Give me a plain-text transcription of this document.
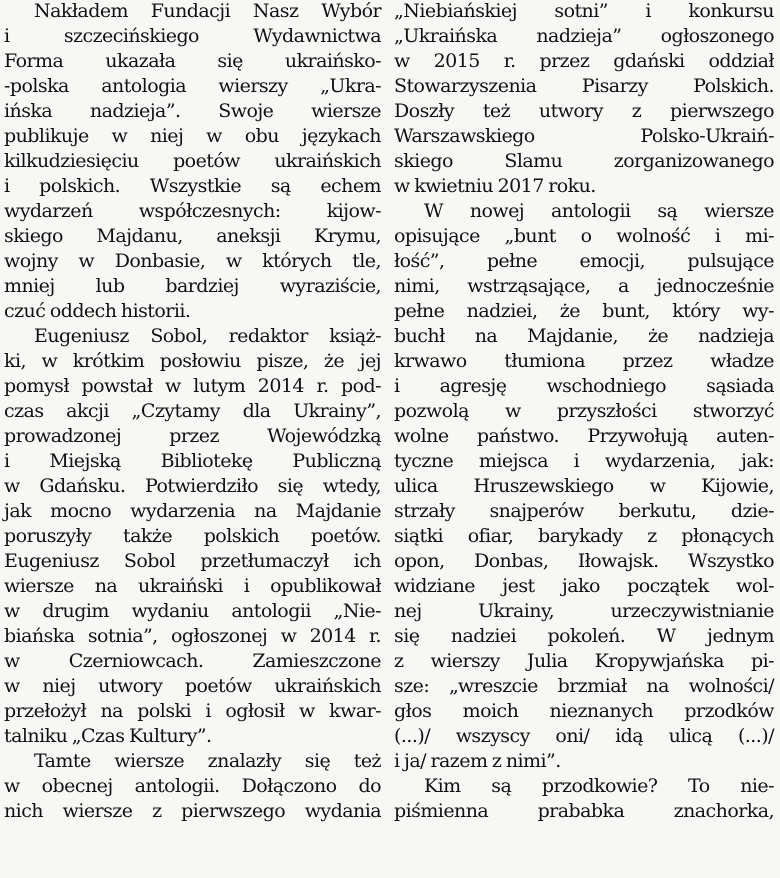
Nakładem Fundacji Nasz Wybór
i szczecińskiego Wydawnictwa
Forma ukazała się ukraińsko-
-polska antologia wierszy „Ukra-
ińska nadzieja”. Swoje wiersze
publikuje w niej w obu językach
kilkudziesięciu poetów ukraińskich
i polskich. Wszystkie są echem
wydarzeń współczesnych: kijow-
skiego Majdanu, aneksji Krymu,
wojny w Donbasie, w których tle,
mniej lub bardziej wyraziście,
czuć oddech historii.
Eugeniusz Sobol, redaktor książ-
ki, w krótkim posłowiu pisze, że jej
pomysł powstał w lutym 2014 r. pod-
czas akcji „Czytamy dla Ukrainy”,
prowadzonej przez Wojewódzką
i Miejską Bibliotekę Publiczną
w Gdańsku. Potwierdziło się wtedy,
jak mocno wydarzenia na Majdanie
poruszyły także polskich poetów.
Eugeniusz Sobol przetłumaczył ich
wiersze na ukraiński i opublikował
w drugim wydaniu antologii „Nie-
biańska sotnia”, ogłoszonej w 2014 r.
w Czerniowcach. Zamieszczone
w niej utwory poetów ukraińskich
przełożył na polski i ogłosił w kwar-
talniku „Czas Kultury”.
Tamte wiersze znalazły się też
w obecnej antologii. Dołączono do
nich wiersze z pierwszego wydania
„Niebiańskiej sotni” i konkursu
„Ukraińska nadzieja” ogłoszonego
w 2015 r. przez gdański oddział
Stowarzyszenia Pisarzy Polskich.
Doszły też utwory z pierwszego
Warszawskiego Polsko-Ukraiń-
skiego Slamu zorganizowanego
w kwietniu 2017 roku.
W nowej antologii są wiersze
opisujące „bunt o wolność i mi-
łość”, pełne emocji, pulsujące
nimi, wstrząsające, a jednocześnie
pełne nadziei, że bunt, który wy-
buchł na Majdanie, że nadzieja
krwawo tłumiona przez władze
i agresję wschodniego sąsiada
pozwolą w przyszłości stworzyć
wolne państwo. Przywołują auten-
tyczne miejsca i wydarzenia, jak:
ulica Hruszewskiego w Kijowie,
strzały snajperów berkutu, dzie-
siątki ofiar, barykady z płonących
opon, Donbas, Iłowajsk. Wszystko
widziane jest jako początek wol-
nej Ukrainy, urzeczywistnianie
się nadziei pokoleń. W jednym
z wierszy Julia Kropywjańska pi-
sze: „wreszcie brzmiał na wolności/
głos moich nieznanych przodków
(...)/ wszyscy oni/ idą ulicą (...)/
i ja/ razem z nimi”.
Kim są przodkowie? To nie-
piśmienna prababka znachorka,
